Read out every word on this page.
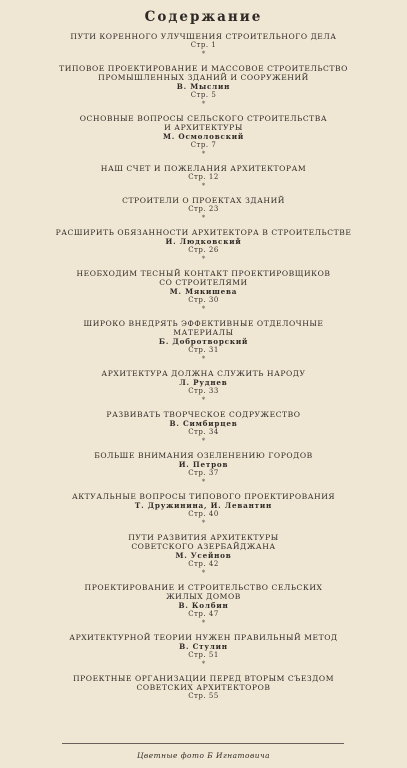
Содержание
ПУТИ КОРЕННОГО УЛУЧШЕНИЯ СТРОИТЕЛЬНОГО ДЕЛА
Стр. 1
*
ТИПОВОЕ ПРОЕКТИРОВАНИЕ И МАССОВОЕ СТРОИТЕЛЬСТВО
ПРОМЫШЛЕННЫХ ЗДАНИЙ И СООРУЖЕНИЙ
В. Мыслин
Стр. 5
*
ОСНОВНЫЕ ВОПРОСЫ СЕЛЬСКОГО СТРОИТЕЛЬСТВА
И АРХИТЕКТУРЫ
М. Осмоловский
Стр. 7
*
НАШ СЧЕТ И ПОЖЕЛАНИЯ АРХИТЕКТОРАМ
Стр. 12
*
СТРОИТЕЛИ О ПРОЕКТАХ ЗДАНИЙ
Стр. 23
*
РАСШИРИТЬ ОБЯЗАННОСТИ АРХИТЕКТОРА В СТРОИТЕЛЬСТВЕ
И. Людковский
Стр. 26
*
НЕОБХОДИМ ТЕСНЫЙ КОНТАКТ ПРОЕКТИРОВЩИКОВ
СО СТРОИТЕЛЯМИ
М. Мякишева
Стр. 30
*
ШИРОКО ВНЕДРЯТЬ ЭФФЕКТИВНЫЕ ОТДЕЛОЧНЫЕ
МАТЕРИАЛЫ
Б. Добротворский
Стр. 31
*
АРХИТЕКТУРА ДОЛЖНА СЛУЖИТЬ НАРОДУ
Л. Руднев
Стр. 33
*
РАЗВИВАТЬ ТВОРЧЕСКОЕ СОДРУЖЕСТВО
В. Симбирцев
Стр. 34
*
БОЛЬШЕ ВНИМАНИЯ ОЗЕЛЕНЕНИЮ ГОРОДОВ
И. Петров
Стр. 37
*
АКТУАЛЬНЫЕ ВОПРОСЫ ТИПОВОГО ПРОЕКТИРОВАНИЯ
Т. Дружинина, И. Левантин
Стр. 40
*
ПУТИ РАЗВИТИЯ АРХИТЕКТУРЫ
СОВЕТСКОГО АЗЕРБАЙДЖАНА
М. Усейнов
Стр. 42
*
ПРОЕКТИРОВАНИЕ И СТРОИТЕЛЬСТВО СЕЛЬСКИХ
ЖИЛЫХ ДОМОВ
В. Колбин
Стр. 47
*
АРХИТЕКТУРНОЙ ТЕОРИИ НУЖЕН ПРАВИЛЬНЫЙ МЕТОД
В. Стулин
Стр. 51
*
ПРОЕКТНЫЕ ОРГАНИЗАЦИИ ПЕРЕД ВТОРЫМ СЪЕЗДОМ
СОВЕТСКИХ АРХИТЕКТОРОВ
Стр. 55
Цветные фото Б Игнатовича
